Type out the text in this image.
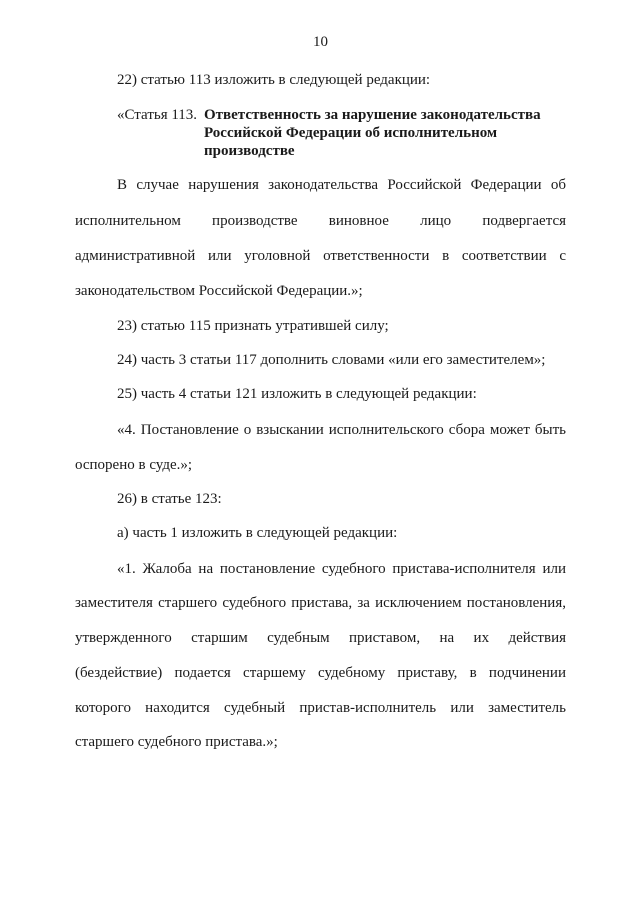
10
22) статью 113 изложить в следующей редакции:
«Статья 113. Ответственность за нарушение законодательства
Российской Федерации об исполнительном
производстве
В случае нарушения законодательства Российской Федерации об
исполнительном производстве виновное лицо подвергается
административной или уголовной ответственности в соответствии с
законодательством Российской Федерации.»;
23) статью 115 признать утратившей силу;
24) часть 3 статьи 117 дополнить словами «или его заместителем»;
25) часть 4 статьи 121 изложить в следующей редакции:
«4. Постановление о взыскании исполнительского сбора может быть
оспорено в суде.»;
26) в статье 123:
а) часть 1 изложить в следующей редакции:
«1. Жалоба на постановление судебного пристава-исполнителя или
заместителя старшего судебного пристава, за исключением постановления,
утвержденного старшим судебным приставом, на их действия
(бездействие) подается старшему судебному приставу, в подчинении
которого находится судебный пристав-исполнитель или заместитель
старшего судебного пристава.»;
